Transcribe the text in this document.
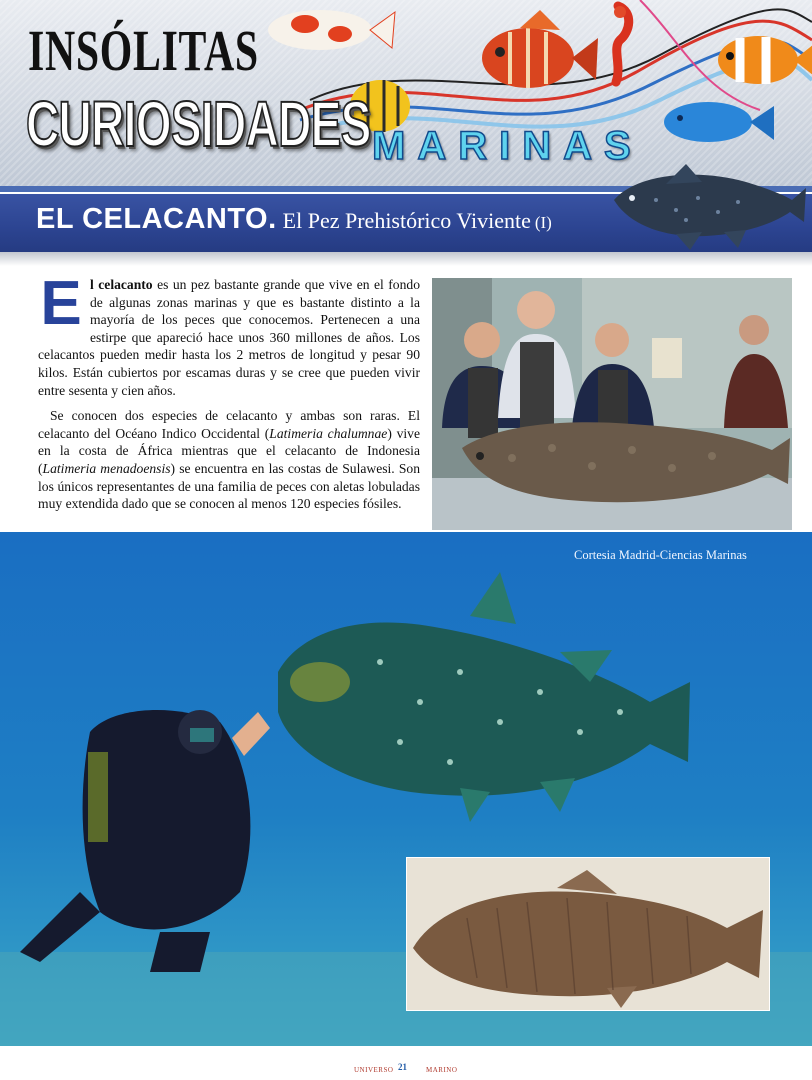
INSÓLITAS
CURIOSIDADES MARINAS
EL CELACANTO. El Pez Prehistórico Viviente (I)

El celacanto es un pez bastante grande que vive en el fondo de algunas zonas marinas y que es bastante distinto a la mayoría de los peces que conocemos. Pertenecen a una estirpe que apareció hace unos 360 millones de años. Los celacantos pueden medir hasta los 2 metros de longitud y pesar 90 kilos. Están cubiertos por escamas duras y se cree que pueden vivir entre sesenta y cien años.

Se conocen dos especies de celacanto y ambas son raras. El celacanto del Océano Indico Occidental (Latimeria chalumnae) vive en la costa de África mientras que el celacanto de Indonesia (Latimeria menadoensis) se encuentra en las costas de Sulawesi. Son los únicos representantes de una familia de peces con aletas lobuladas muy extendida dado que se conocen al menos 120 especies fósiles.

Cortesia Madrid-Ciencias Marinas
UNIVERSO 21	MARINO
